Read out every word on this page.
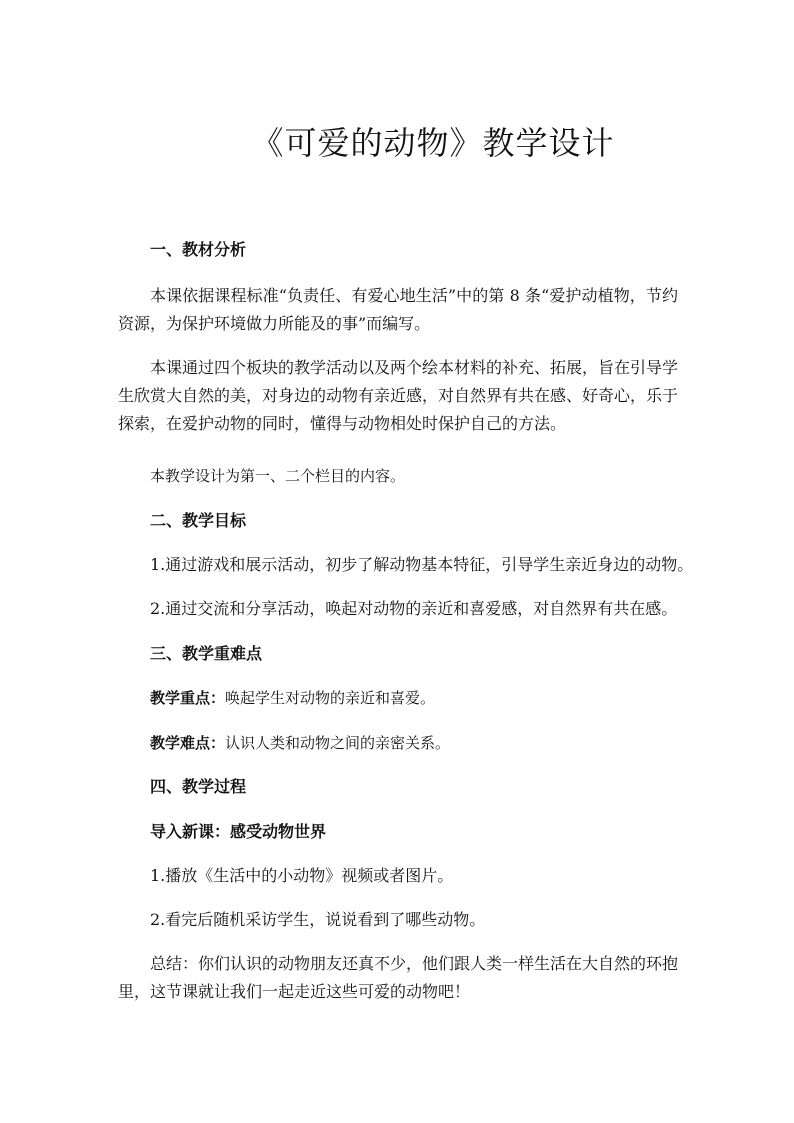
《可爱的动物》教学设计
一、教材分析
本课依据课程标准“负责任、有爱心地生活”中的第 8 条“爱护动植物，节约资源，为保护环境做力所能及的事”而编写。
本课通过四个板块的教学活动以及两个绘本材料的补充、拓展，旨在引导学生欣赏大自然的美，对身边的动物有亲近感，对自然界有共在感、好奇心，乐于探索，在爱护动物的同时，懂得与动物相处时保护自己的方法。
本教学设计为第一、二个栏目的内容。
二、教学目标
1.通过游戏和展示活动，初步了解动物基本特征，引导学生亲近身边的动物。
2.通过交流和分享活动，唤起对动物的亲近和喜爱感，对自然界有共在感。
三、教学重难点
教学重点：唤起学生对动物的亲近和喜爱。
教学难点：认识人类和动物之间的亲密关系。
四、教学过程
导入新课：感受动物世界
1.播放《生活中的小动物》视频或者图片。
2.看完后随机采访学生，说说看到了哪些动物。
总结：你们认识的动物朋友还真不少，他们跟人类一样生活在大自然的环抱里，这节课就让我们一起走近这些可爱的动物吧！
